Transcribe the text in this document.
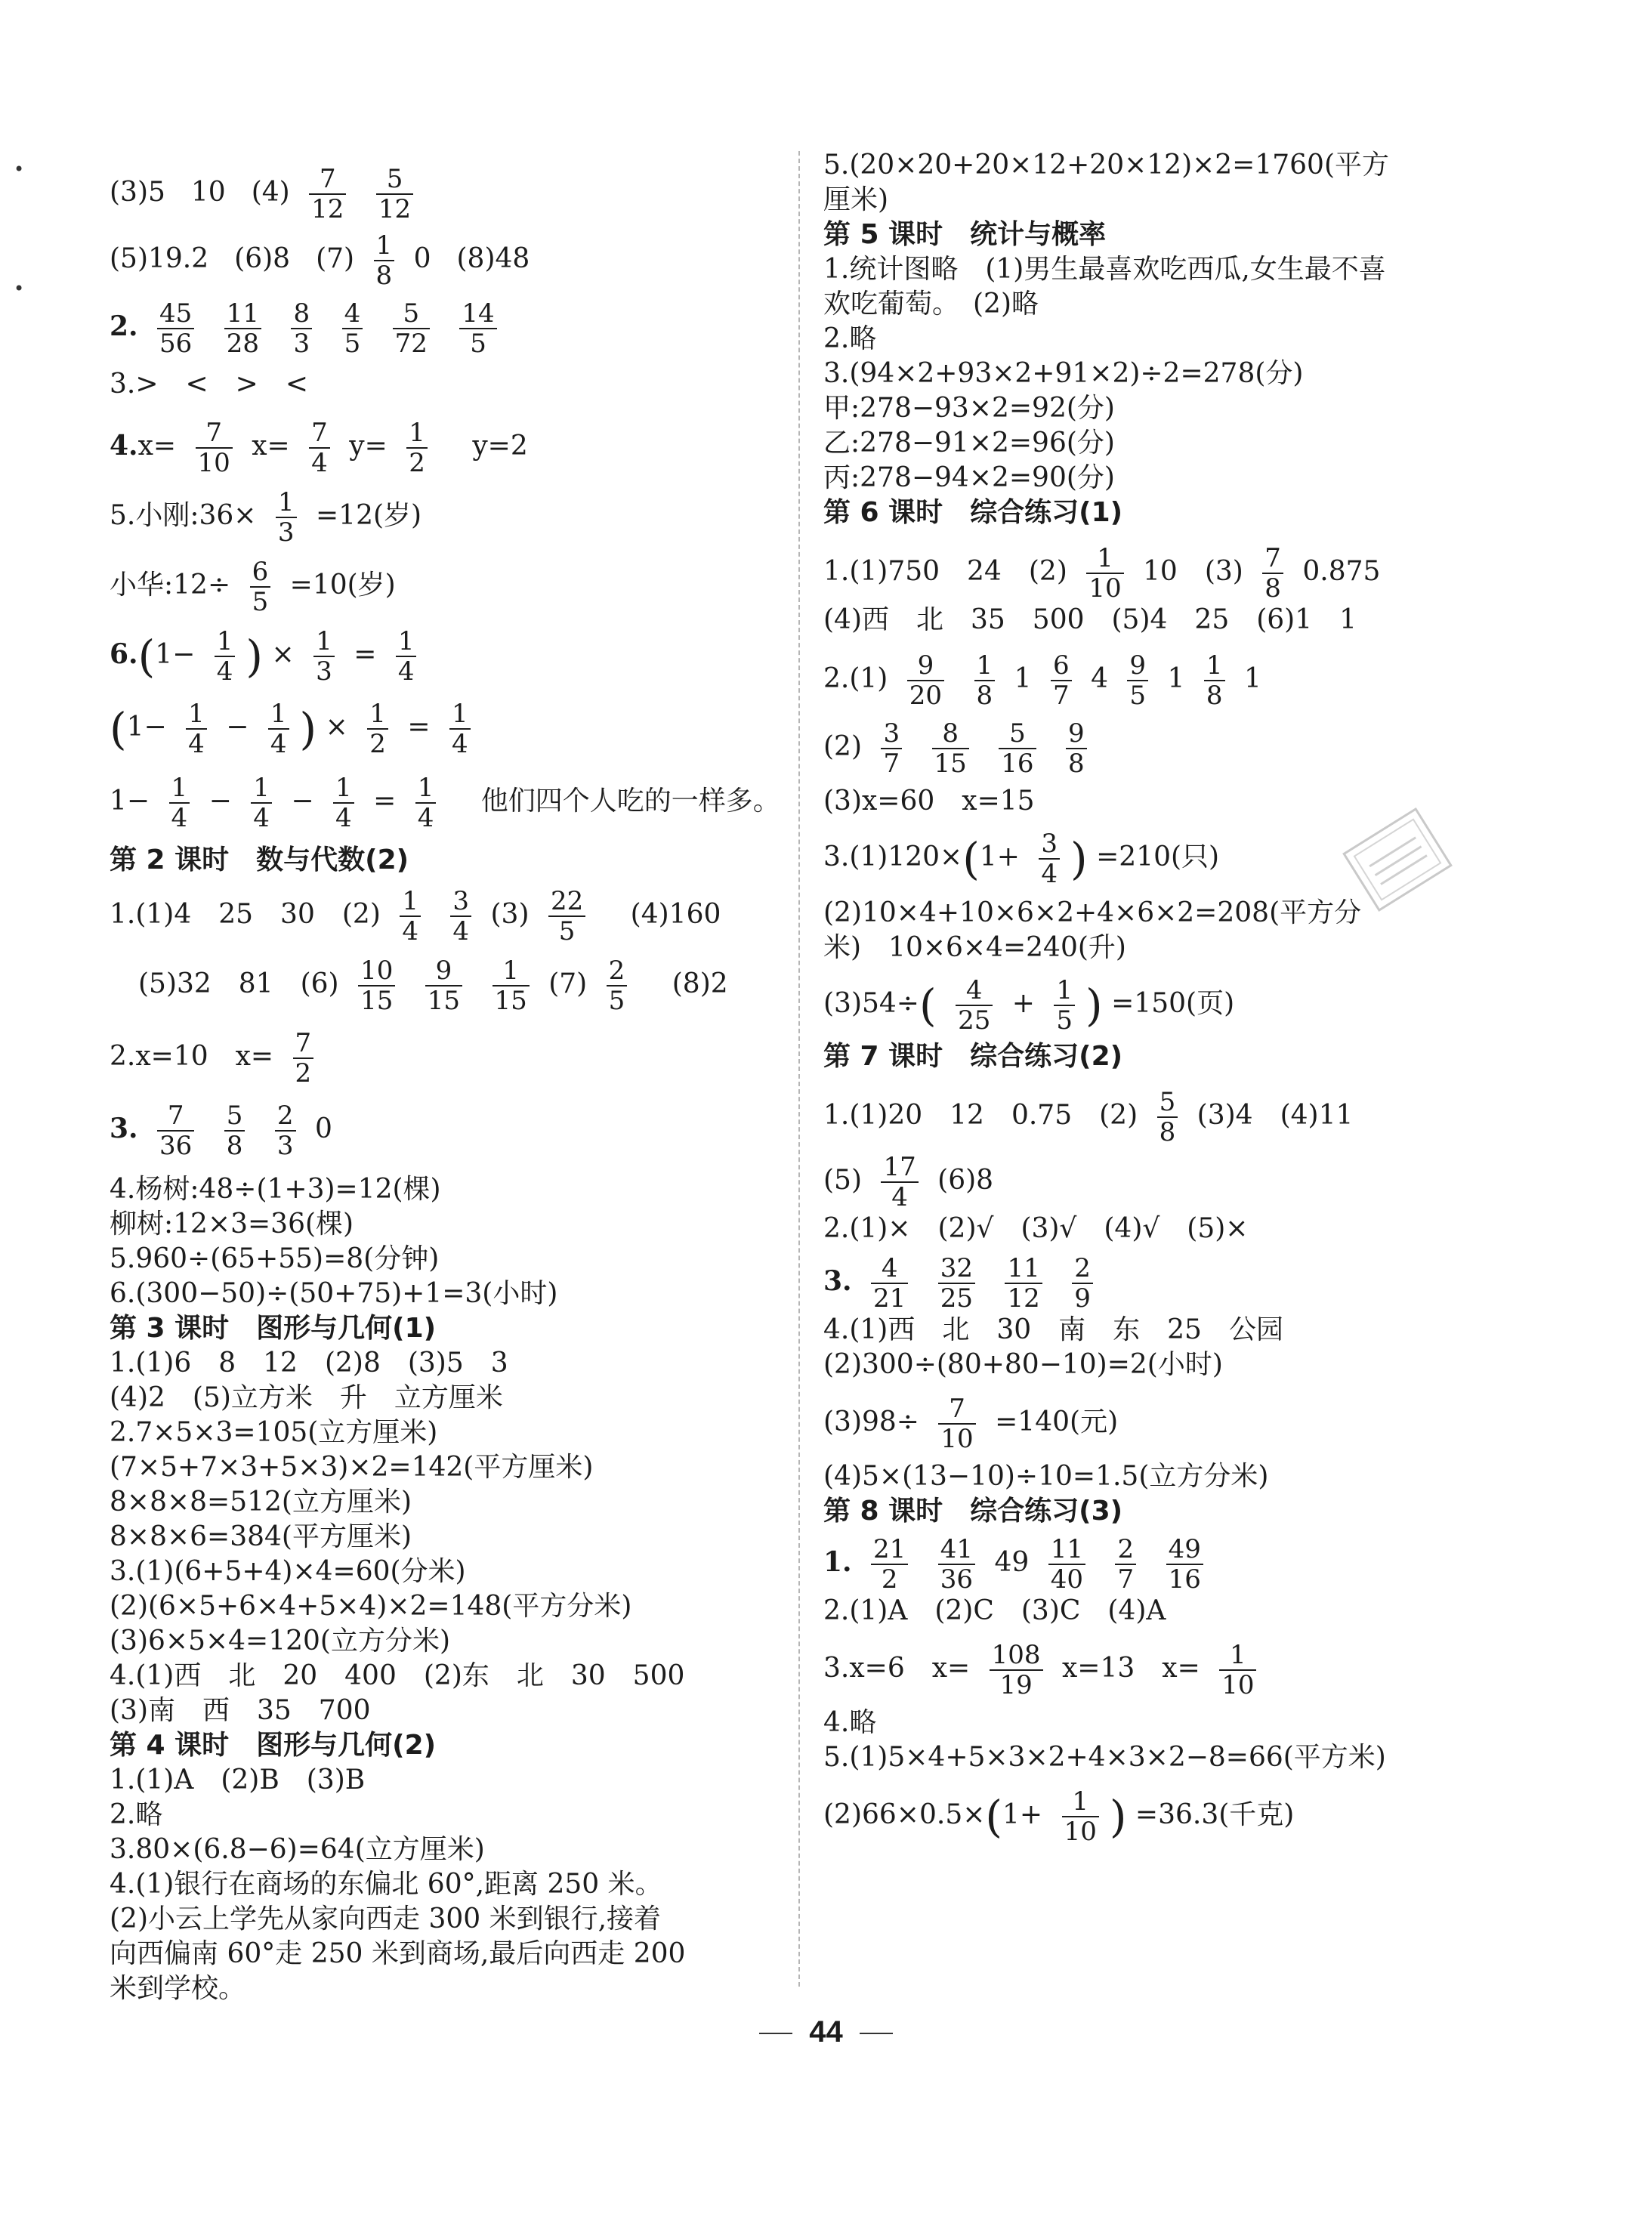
•
•
(3)5 10 $(4) \frac{7}{12}$
$\frac{5}{12}$
(5)19.2 (6)8 $(7) \frac{1}{8} 0$ (8)48
2. $\frac{45}{56}$
$\frac{11}{28}$
$\frac{8}{3}$
$\frac{4}{5}$
$\frac{5}{72}$
$\frac{14}{5}$
3.>　<　>　<
$4.x= \frac{7}{10} x= \frac{7}{4} y= \frac{1}{2} y=2$
5.小刚:36× $\frac{1}{3} =12$(岁)
小华:12÷ $\frac{6}{5} =10$(岁)
$6.(1- \frac{1}{4}$ ) × $\frac{1}{3} = \frac{1}{4}$
($1- \frac{1}{4} - \frac{1}{4}$ ) × $\frac{1}{2} = \frac{1}{4}$
$1- \frac{1}{4} - \frac{1}{4} - \frac{1}{4} = \frac{1}{4}$ 他们四个人吃的一样多。
第 2 课时　数与代数(2)
1.(1)4　25　30　$(2) \frac{1}{4}$
$\frac{3}{4} (3) \frac{22}{5} (4)160$
(5)32　81　$(6) \frac{10}{15}$
$\frac{9}{15}$
$\frac{1}{15} (7) \frac{2}{5} (8)2$
2.x=10　$x= \frac{7}{2}$
3. $\frac{7}{36}$
$\frac{5}{8}$
$\frac{2}{3} 0$
4.杨树:48÷(1+3)=12(棵)
柳树:12×3=36(棵)
5.960÷(65+55)=8(分钟)
6.(300−50)÷(50+75)+1=3(小时)
第 3 课时　图形与几何(1)
1.(1)6　8　12　(2)8　(3)5　3
(4)2　(5)立方米　升　立方厘米
2.7×5×3=105(立方厘米)
(7×5+7×3+5×3)×2=142(平方厘米)
8×8×8=512(立方厘米)
8×8×6=384(平方厘米)
3.(1)(6+5+4)×4=60(分米)
(2)(6×5+6×4+5×4)×2=148(平方分米)
(3)6×5×4=120(立方分米)
4.(1)西　北　20　400　(2)东　北　30　500
(3)南　西　35　700
第 4 课时　图形与几何(2)
1.(1)A　(2)B　(3)B
2.略
3.80×(6.8−6)=64(立方厘米)
4.(1)银行在商场的东偏北 60°,距离 250 米。
(2)小云上学先从家向西走 300 米到银行,接着
向西偏南 60°走 250 米到商场,最后向西走 200
米到学校。
5.(20×20+20×12+20×12)×2=1760(平方
厘米)
第 5 课时　统计与概率
1.统计图略　(1)男生最喜欢吃西瓜,女生最不喜
欢吃葡萄。　(2)略
2.略
3.(94×2+93×2+91×2)÷2=278(分)
甲:278−93×2=92(分)
乙:278−91×2=96(分)
丙:278−94×2=90(分)
第 6 课时　综合练习(1)
1.(1)750　24　$(2) \frac{1}{10} 10$　$(3) \frac{7}{8} 0.875$
(4)西　北　35　500　(5)4　25　(6)1　1
$2.(1) \frac{9}{20}$
$\frac{1}{8} 1 \frac{6}{7} 4 \frac{9}{5} 1 \frac{1}{8} 1$
$(2) \frac{3}{7}$
$\frac{8}{15}$
$\frac{5}{16}$
$\frac{9}{8}$
(3)x=60　x=15
$3.(1)120\times(1+ \frac{3}{4}$ ) =210(只)
(2)10×4+10×6×2+4×6×2=208(平方分
米)　10×6×4=240(升)
$(3)54\div( \frac{4}{25} + \frac{1}{5}$ ) =150(页)
第 7 课时　综合练习(2)
1.(1)20　12　0.75　$(2) \frac{5}{8} (3)4$　(4)11
$(5) \frac{17}{4} (6)8$
2.(1)×　(2)√　(3)√　(4)√　(5)×
3. $\frac{4}{21}$
$\frac{32}{25}$
$\frac{11}{12}$
$\frac{2}{9}$
4.(1)西　北　30　南　东　25　公园
(2)300÷(80+80−10)=2(小时)
$(3)98\div \frac{7}{10} =140$(元)
(4)5×(13−10)÷10=1.5(立方分米)
第 8 课时　综合练习(3)
1. $\frac{21}{2}$
$\frac{41}{36} 49 \frac{11}{40}$
$\frac{2}{7}$
$\frac{49}{16}$
2.(1)A　(2)C　(3)C　(4)A
3.x=6　$x= \frac{108}{19} x=13$　$x= \frac{1}{10}$
4.略
5.(1)5×4+5×3×2+4×3×2−8=66(平方米)
$(2)66\times 0.5\times(1+ \frac{1}{10}$ ) =36.3(千克)
44
